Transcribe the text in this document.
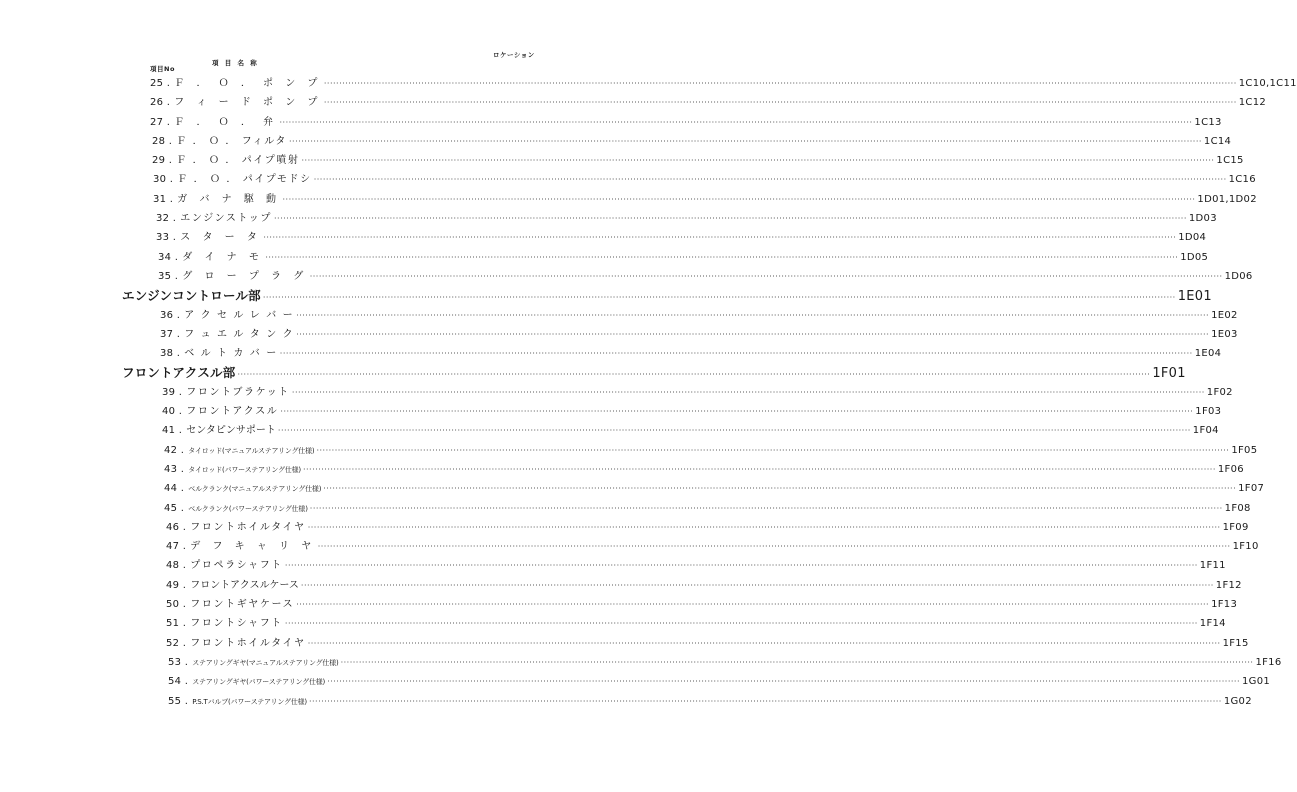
項目No
項 目 名 称
ロケーション
25 . Ｆ ． Ｏ ． ポ ン プ ············································································································································································································································································································ 1C10,1C11
26 . フ ィ ー ド ポ ン プ ············································································································································································································································································································ 1C12
27 . Ｆ ． Ｏ ． 弁 ············································································································································································································································································································ 1C13
28 . Ｆ ． Ｏ ． フィルタ ············································································································································································································································································································ 1C14
29 . Ｆ ． Ｏ ． パイプ噴射 ············································································································································································································································································································ 1C15
30 . Ｆ ． Ｏ ． パイプモドシ ············································································································································································································································································································ 1C16
31 . ガ バ ナ 駆 動 ············································································································································································································································································································ 1D01,1D02
32 . エンジンストップ ············································································································································································································································································································ 1D03
33 . ス タ ー タ ············································································································································································································································································································ 1D04
34 . ダ イ ナ モ ············································································································································································································································································································ 1D05
35 . グ ロ ー プ ラ グ ············································································································································································································································································································ 1D06
エンジンコントロール部 ············································································································································································································································································································ 1E01
36 . ア ク セ ル レ バ ー ············································································································································································································································································································ 1E02
37 . フ ュ エ ル タ ン ク ············································································································································································································································································································ 1E03
38 . ベ ル ト カ バ ー ············································································································································································································································································································ 1E04
フロントアクスル部 ············································································································································································································································································································ 1F01
39 . フロントブラケット ············································································································································································································································································································ 1F02
40 . フロントアクスル ············································································································································································································································································································ 1F03
41 . センタピンサポート ············································································································································································································································································································ 1F04
42 . タイロッド(マニュアルステアリング仕様) ············································································································································································································································································································ 1F05
43 . タイロッド(パワーステアリング仕様) ············································································································································································································································································································ 1F06
44 . ベルクランク(マニュアルステアリング仕様) ············································································································································································································································································································ 1F07
45 . ベルクランク(パワーステアリング仕様) ············································································································································································································································································································ 1F08
46 . フロントホイルタイヤ ············································································································································································································································································································ 1F09
47 . デ フ キ ャ リ ヤ ············································································································································································································································································································ 1F10
48 . プロペラシャフト ············································································································································································································································································································ 1F11
49 . フロントアクスルケース ············································································································································································································································································································ 1F12
50 . フロントギヤケース ············································································································································································································································································································ 1F13
51 . フロントシャフト ············································································································································································································································································································ 1F14
52 . フロントホイルタイヤ ············································································································································································································································································································ 1F15
53 . ステアリングギヤ(マニュアルステアリング仕様) ············································································································································································································································································································ 1F16
54 . ステアリングギヤ(パワーステアリング仕様) ············································································································································································································································································································ 1G01
55 . P.S.Tバルブ(パワーステアリング仕様) ············································································································································································································································································································ 1G02
